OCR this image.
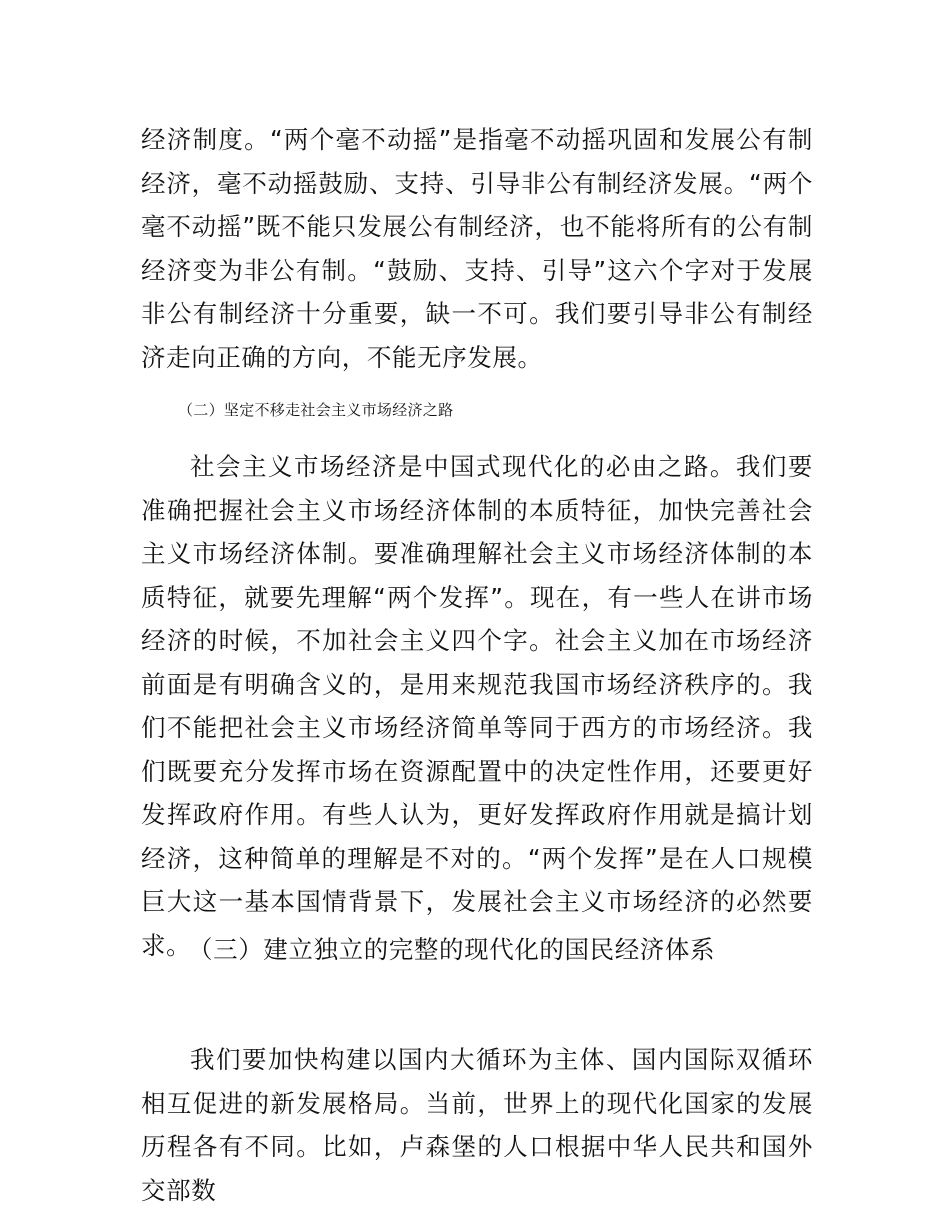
经济制度。“两个毫不动摇”是指毫不动摇巩固和发展公有制经济，毫不动摇鼓励、支持、引导非公有制经济发展。“两个毫不动摇”既不能只发展公有制经济，也不能将所有的公有制经济变为非公有制。“鼓励、支持、引导”这六个字对于发展非公有制经济十分重要，缺一不可。我们要引导非公有制经济走向正确的方向，不能无序发展。

（二）坚定不移走社会主义市场经济之路

社会主义市场经济是中国式现代化的必由之路。我们要准确把握社会主义市场经济体制的本质特征，加快完善社会主义市场经济体制。要准确理解社会主义市场经济体制的本质特征，就要先理解“两个发挥”。现在，有一些人在讲市场经济的时候，不加社会主义四个字。社会主义加在市场经济前面是有明确含义的，是用来规范我国市场经济秩序的。我们不能把社会主义市场经济简单等同于西方的市场经济。我们既要充分发挥市场在资源配置中的决定性作用，还要更好发挥政府作用。有些人认为，更好发挥政府作用就是搞计划经济，这种简单的理解是不对的。“两个发挥”是在人口规模巨大这一基本国情背景下，发展社会主义市场经济的必然要求。

（三）建立独立的完整的现代化的国民经济体系

我们要加快构建以国内大循环为主体、国内国际双循环相互促进的新发展格局。当前，世界上的现代化国家的发展历程各有不同。比如，卢森堡的人口根据中华人民共和国外交部数
